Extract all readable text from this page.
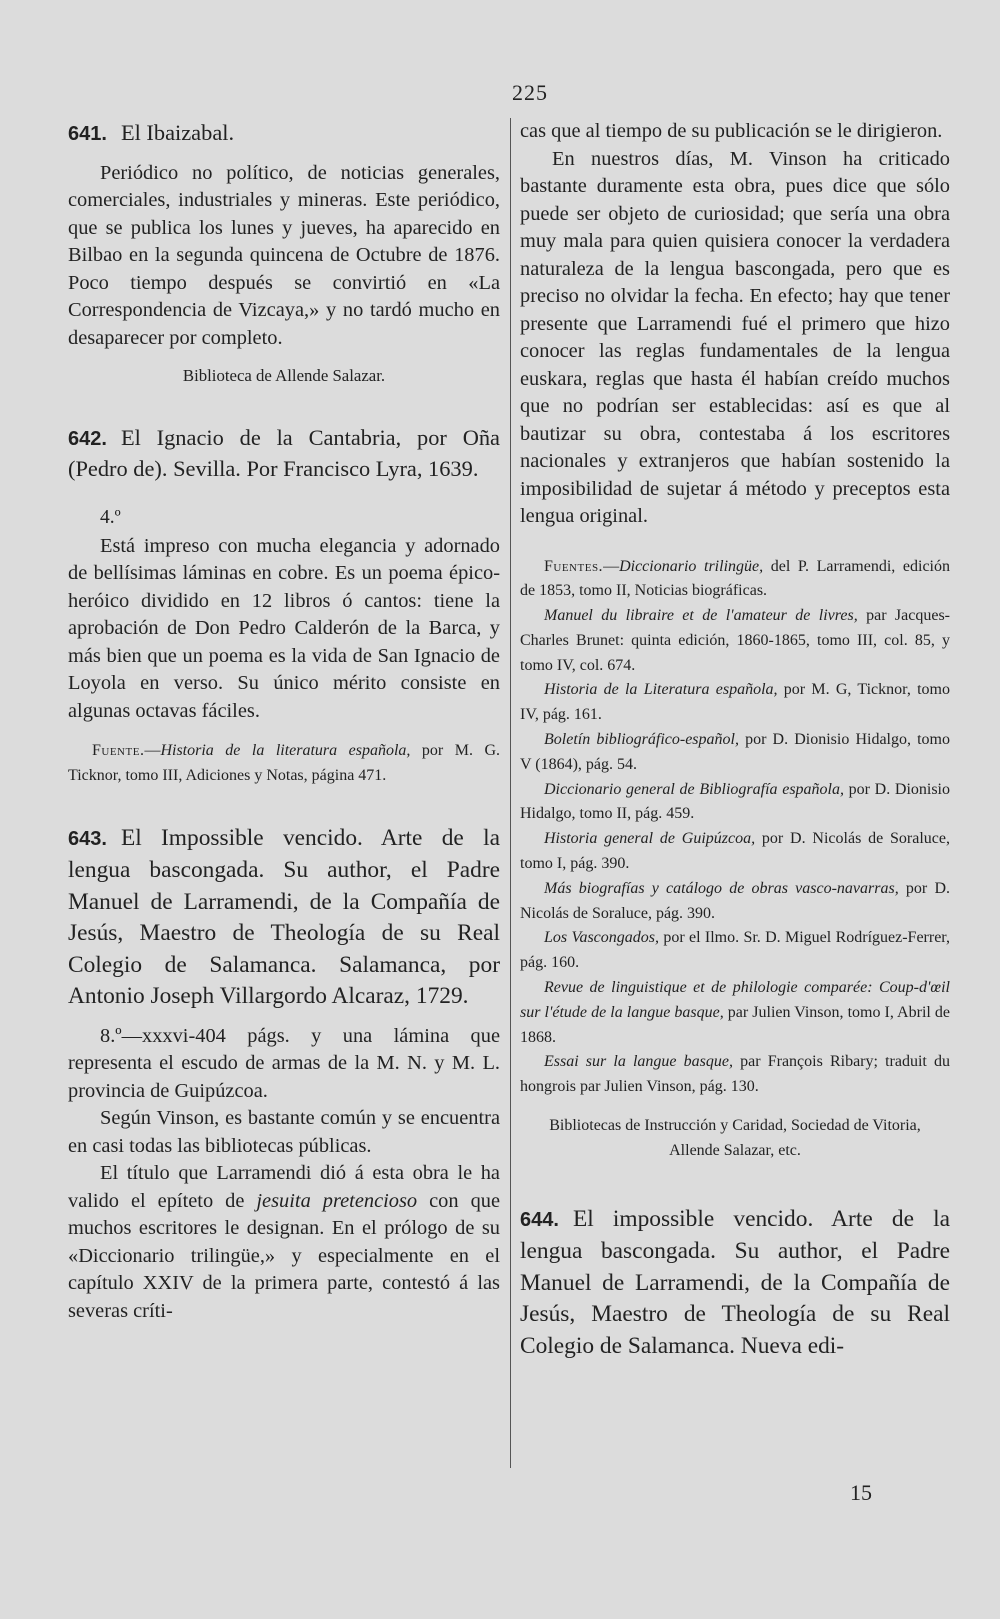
225

641. El Ibaizabal.

Periódico no político, de noticias generales, comerciales, industriales y mineras. Este periódico, que se publica los lunes y jueves, ha aparecido en Bilbao en la segunda quincena de Octubre de 1876. Poco tiempo después se convirtió en «La Correspondencia de Vizcaya,» y no tardó mucho en desaparecer por completo.

Biblioteca de Allende Salazar.

642. El Ignacio de la Cantabria, por Oña (Pedro de). Sevilla. Por Francisco Lyra, 1639.

4.º

Está impreso con mucha elegancia y adornado de bellísimas láminas en cobre. Es un poema épico-heróico dividido en 12 libros ó cantos: tiene la aprobación de Don Pedro Calderón de la Barca, y más bien que un poema es la vida de San Ignacio de Loyola en verso. Su único mérito consiste en algunas octavas fáciles.

Fuente.—Historia de la literatura española, por M. G. Ticknor, tomo III, Adiciones y Notas, página 471.

643. El Impossible vencido. Arte de la lengua bascongada. Su author, el Padre Manuel de Larramendi, de la Compañía de Jesús, Maestro de Theología de su Real Colegio de Salamanca. Salamanca, por Antonio Joseph Villargordo Alcaraz, 1729.

8.º—xxxvi-404 págs. y una lámina que representa el escudo de armas de la M. N. y M. L. provincia de Guipúzcoa.

Según Vinson, es bastante común y se encuentra en casi todas las bibliotecas públicas.

El título que Larramendi dió á esta obra le ha valido el epíteto de jesuita pretencioso con que muchos escritores le designan. En el prólogo de su «Diccionario trilingüe,» y especialmente en el capítulo XXIV de la primera parte, contestó á las severas críti-

cas que al tiempo de su publicación se le dirigieron.

En nuestros días, M. Vinson ha criticado bastante duramente esta obra, pues dice que sólo puede ser objeto de curiosidad; que sería una obra muy mala para quien quisiera conocer la verdadera naturaleza de la lengua bascongada, pero que es preciso no olvidar la fecha. En efecto; hay que tener presente que Larramendi fué el primero que hizo conocer las reglas fundamentales de la lengua euskara, reglas que hasta él habían creído muchos que no podrían ser establecidas: así es que al bautizar su obra, contestaba á los escritores nacionales y extranjeros que habían sostenido la imposibilidad de sujetar á método y preceptos esta lengua original.

Fuentes.—Diccionario trilingüe, del P. Larramendi, edición de 1853, tomo II, Noticias biográficas.

Manuel du libraire et de l'amateur de livres, par Jacques-Charles Brunet: quinta edición, 1860-1865, tomo III, col. 85, y tomo IV, col. 674.

Historia de la Literatura española, por M. G, Ticknor, tomo IV, pág. 161.

Boletín bibliográfico-español, por D. Dionisio Hidalgo, tomo V (1864), pág. 54.

Diccionario general de Bibliografía española, por D. Dionisio Hidalgo, tomo II, pág. 459.

Historia general de Guipúzcoa, por D. Nicolás de Soraluce, tomo I, pág. 390.

Más biografías y catálogo de obras vasco-navarras, por D. Nicolás de Soraluce, pág. 390.

Los Vascongados, por el Ilmo. Sr. D. Miguel Rodríguez-Ferrer, pág. 160.

Revue de linguistique et de philologie comparée: Coup-d'œil sur l'étude de la langue basque, par Julien Vinson, tomo I, Abril de 1868.

Essai sur la langue basque, par François Ribary; traduit du hongrois par Julien Vinson, pág. 130.

Bibliotecas de Instrucción y Caridad, Sociedad de Vitoria, Allende Salazar, etc.

644. El impossible vencido. Arte de la lengua bascongada. Su author, el Padre Manuel de Larramendi, de la Compañía de Jesús, Maestro de Theología de su Real Colegio de Salamanca. Nueva edi-

15
